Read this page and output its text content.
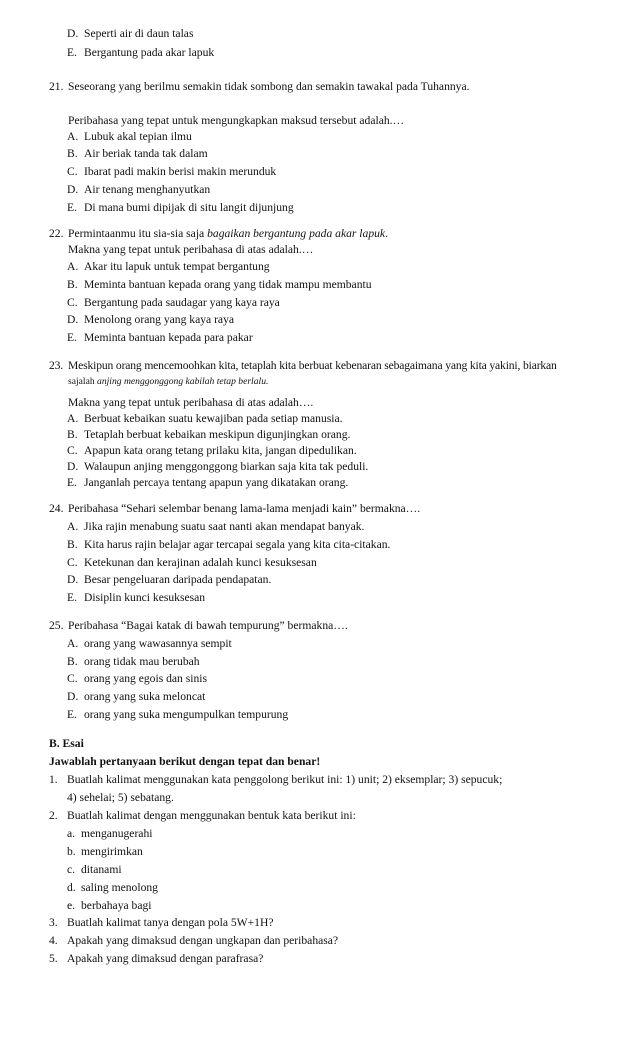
D. Seperti air di daun talas
E. Bergantung pada akar lapuk
21. Seseorang yang berilmu semakin tidak sombong dan semakin tawakal pada Tuhannya.
Peribahasa yang tepat untuk mengungkapkan maksud tersebut adalah.…
A. Lubuk akal tepian ilmu
B. Air beriak tanda tak dalam
C. Ibarat padi makin berisi makin merunduk
D. Air tenang menghanyutkan
E. Di mana bumi dipijak di situ langit dijunjung
22. Permintaanmu itu sia-sia saja bagaikan bergantung pada akar lapuk.
Makna yang tepat untuk peribahasa di atas adalah.…
A. Akar itu lapuk untuk tempat bergantung
B. Meminta bantuan kepada orang yang tidak mampu membantu
C. Bergantung pada saudagar yang kaya raya
D. Menolong orang yang kaya raya
E. Meminta bantuan kepada para pakar
23. Meskipun orang mencemoohkan kita, tetaplah kita berbuat kebenaran sebagaimana yang kita yakini, biarkan
sajalah anjing menggonggong kabilah tetap berlalu.
Makna yang tepat untuk peribahasa di atas adalah….
A. Berbuat kebaikan suatu kewajiban pada setiap manusia.
B. Tetaplah berbuat kebaikan meskipun digunjingkan orang.
C. Apapun kata orang tetang prilaku kita, jangan dipedulikan.
D. Walaupun anjing menggonggong biarkan saja kita tak peduli.
E. Janganlah percaya tentang apapun yang dikatakan orang.
24. Peribahasa “Sehari selembar benang lama-lama menjadi kain” bermakna….
A. Jika rajin menabung suatu saat nanti akan mendapat banyak.
B. Kita harus rajin belajar agar tercapai segala yang kita cita-citakan.
C. Ketekunan dan kerajinan adalah kunci kesuksesan
D. Besar pengeluaran daripada pendapatan.
E. Disiplin kunci kesuksesan
25. Peribahasa “Bagai katak di bawah tempurung” bermakna….
A. orang yang wawasannya sempit
B. orang tidak mau berubah
C. orang yang egois dan sinis
D. orang yang suka meloncat
E. orang yang suka mengumpulkan tempurung
B. Esai
Jawablah pertanyaan berikut dengan tepat dan benar!
1. Buatlah kalimat menggunakan kata penggolong berikut ini: 1) unit; 2) eksemplar; 3) sepucuk;
4) sehelai; 5) sebatang.
2. Buatlah kalimat dengan menggunakan bentuk kata berikut ini:
a. menganugerahi
b. mengirimkan
c. ditanami
d. saling menolong
e. berbahaya bagi
3. Buatlah kalimat tanya dengan pola 5W+1H?
4. Apakah yang dimaksud dengan ungkapan dan peribahasa?
5. Apakah yang dimaksud dengan parafrasa?
